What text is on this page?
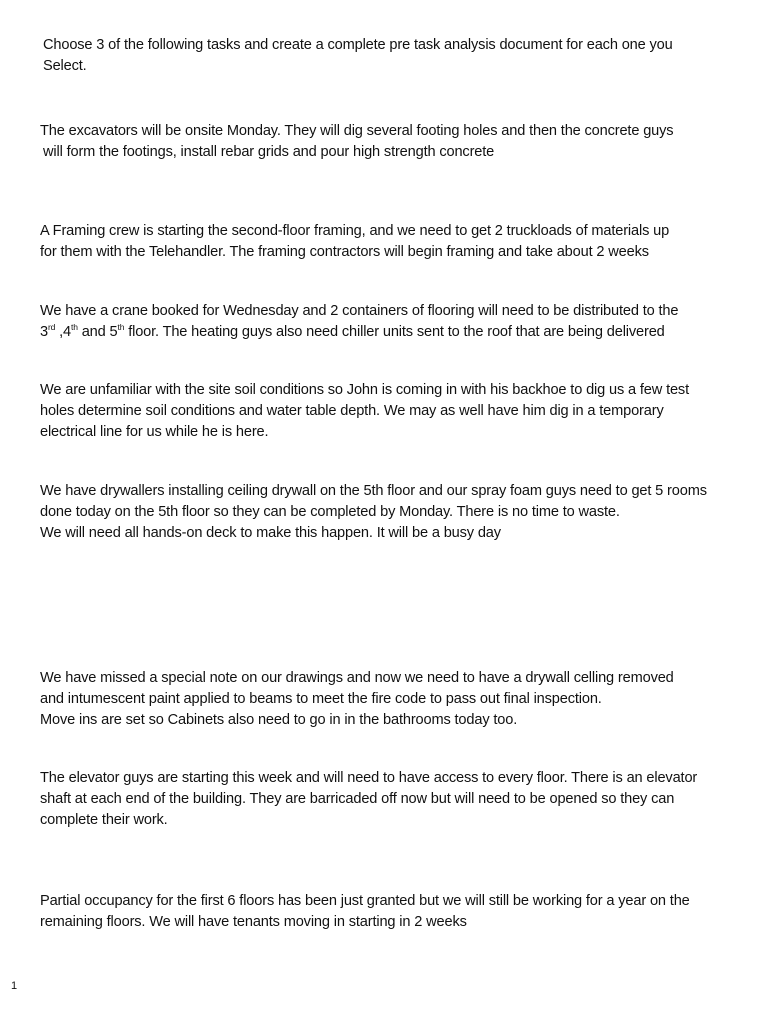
Choose 3 of the following tasks and create a complete pre task analysis document for each one you
Select.

The excavators will be onsite Monday. They will dig several footing holes and then the concrete guys
will form the footings, install rebar grids and pour high strength concrete

A Framing crew is starting the second-floor framing, and we need to get 2 truckloads of materials up
for them with the Telehandler. The framing contractors will begin framing and take about 2 weeks

We have a crane booked for Wednesday and 2 containers of flooring will need to be distributed to the
3rd ,4th and 5th floor. The heating guys also need chiller units sent to the roof that are being delivered

We are unfamiliar with the site soil conditions so John is coming in with his backhoe to dig us a few test
holes determine soil conditions and water table depth. We may as well have him dig in a temporary
electrical line for us while he is here.

We have drywallers installing ceiling drywall on the 5th floor and our spray foam guys need to get 5 rooms
done today on the 5th floor so they can be completed by Monday. There is no time to waste.
We will need all hands-on deck to make this happen. It will be a busy day

We have missed a special note on our drawings and now we need to have a drywall celling removed
and intumescent paint applied to beams to meet the fire code to pass out final inspection.
Move ins are set so Cabinets also need to go in in the bathrooms today too.

The elevator guys are starting this week and will need to have access to every floor. There is an elevator
shaft at each end of the building. They are barricaded off now but will need to be opened so they can
complete their work.

Partial occupancy for the first 6 floors has been just granted but we will still be working for a year on the
remaining floors. We will have tenants moving in starting in 2 weeks

1
